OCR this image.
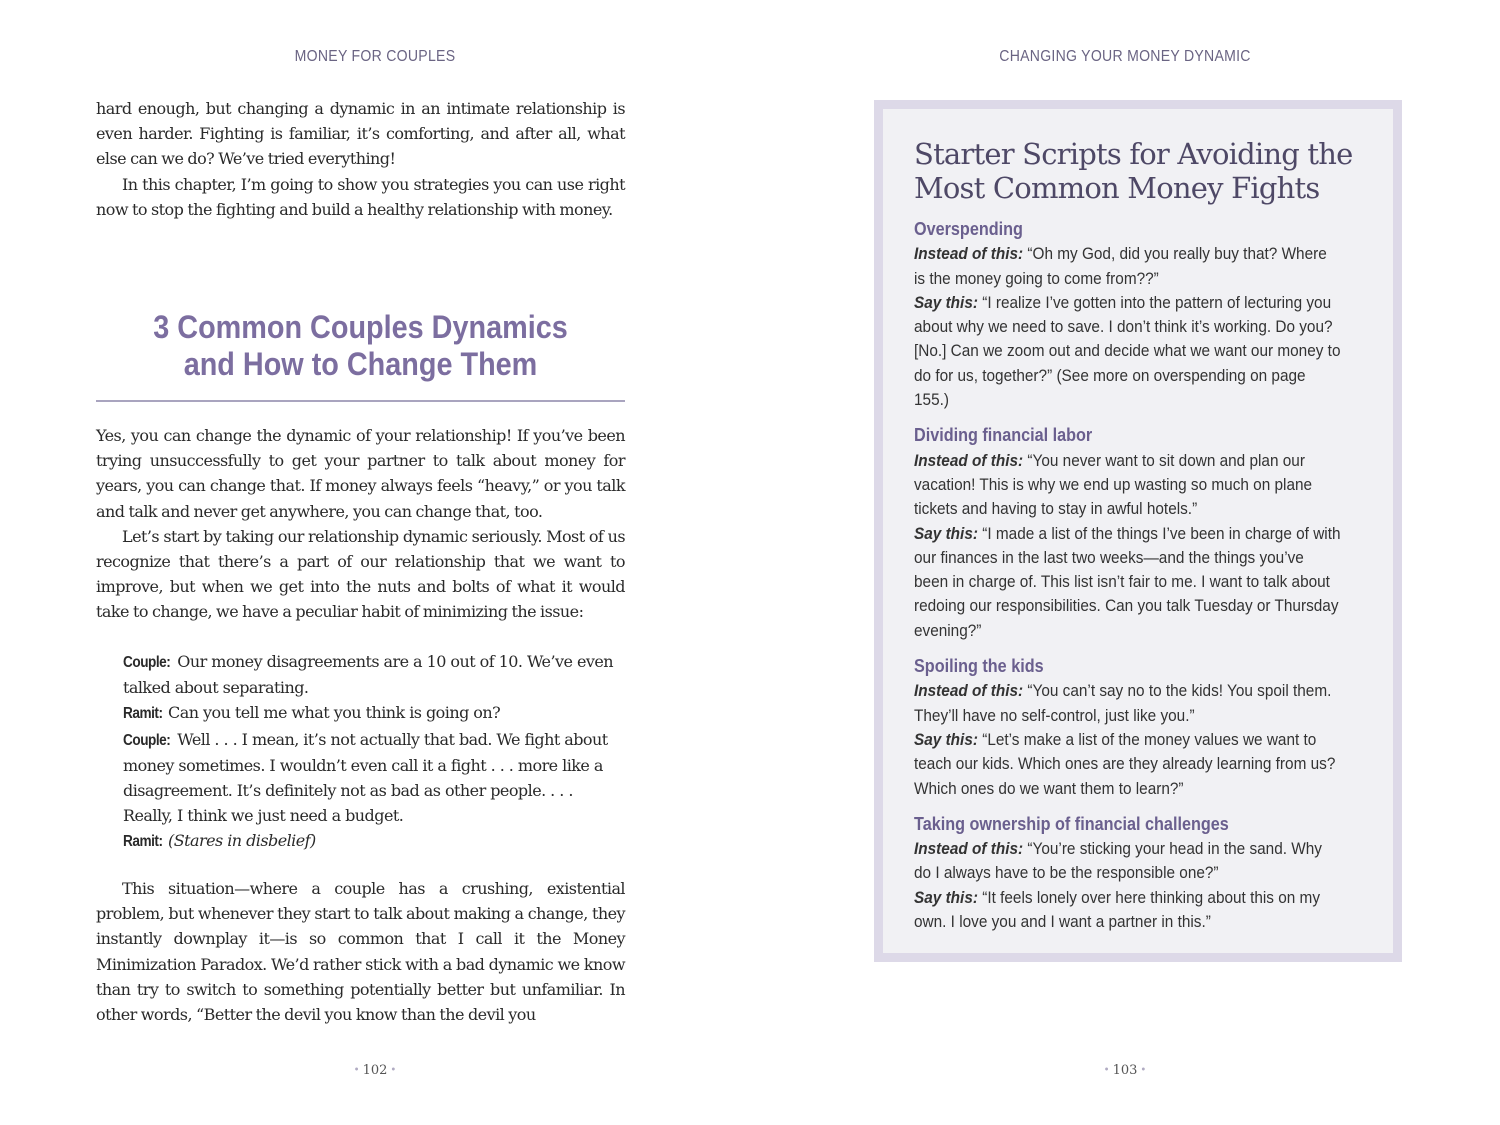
MONEY FOR COUPLES

hard enough, but changing a dynamic in an intimate relationship is even harder. Fighting is familiar, it’s comforting, and after all, what else can we do? We’ve tried everything!

In this chapter, I’m going to show you strategies you can use right now to stop the fighting and build a healthy relationship with money.

3 Common Couples Dynamics
and How to Change Them

Yes, you can change the dynamic of your relationship! If you’ve been trying unsuccessfully to get your partner to talk about money for years, you can change that. If money always feels “heavy,” or you talk and talk and never get anywhere, you can change that, too.

Let’s start by taking our relationship dynamic seriously. Most of us recognize that there’s a part of our relationship that we want to improve, but when we get into the nuts and bolts of what it would take to change, we have a peculiar habit of minimizing the issue:

Couple: Our money disagreements are a 10 out of 10. We’ve even talked about separating.

Ramit: Can you tell me what you think is going on?

Couple: Well . . . I mean, it’s not actually that bad. We fight about money sometimes. I wouldn’t even call it a fight . . . more like a disagreement. It’s definitely not as bad as other people. . . . Really, I think we just need a budget.

Ramit: (Stares in disbelief)

This situation—where a couple has a crushing, existential problem, but whenever they start to talk about making a change, they instantly downplay it—is so common that I call it the Money Minimization Paradox. We’d rather stick with a bad dynamic we know than try to switch to something potentially better but unfamiliar. In other words, “Better the devil you know than the devil you

• 102 •
CHANGING YOUR MONEY DYNAMIC
Starter Scripts for Avoiding the Most Common Money Fights
Overspending
Instead of this: “Oh my God, did you really buy that? Where is the money going to come from??”
Say this: “I realize I’ve gotten into the pattern of lecturing you about why we need to save. I don’t think it’s working. Do you? [No.] Can we zoom out and decide what we want our money to do for us, together?” (See more on overspending on page 155.)
Dividing financial labor
Instead of this: “You never want to sit down and plan our vacation! This is why we end up wasting so much on plane tickets and having to stay in awful hotels.”
Say this: “I made a list of the things I’ve been in charge of with our finances in the last two weeks—and the things you’ve been in charge of. This list isn’t fair to me. I want to talk about redoing our responsibilities. Can you talk Tuesday or Thursday evening?”
Spoiling the kids
Instead of this: “You can’t say no to the kids! You spoil them. They’ll have no self-control, just like you.”
Say this: “Let’s make a list of the money values we want to teach our kids. Which ones are they already learning from us? Which ones do we want them to learn?”
Taking ownership of financial challenges
Instead of this: “You’re sticking your head in the sand. Why do I always have to be the responsible one?”
Say this: “It feels lonely over here thinking about this on my own. I love you and I want a partner in this.”
• 103 •
